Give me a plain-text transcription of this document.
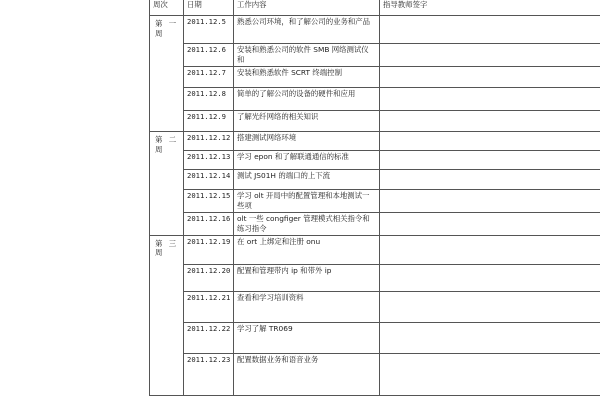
周次	日期	工作内容	指导教师签字
第 一 周	2011.12.5	熟悉公司环境，和了解公司的业务和产品	
	2011.12.6	安装和熟悉公司的软件 SMB 网络测试仪和	
	2011.12.7	安装和熟悉软件 SCRT 终端控制	
	2011.12.8	简单的了解公司的设备的硬件和应用	
	2011.12.9	了解光纤网络的相关知识	
第 二 周	2011.12.12	搭建测试网络环境	
	2011.12.13	学习 epon 和了解联通通信的标准	
	2011.12.14	测试 JS01H 的端口的上下流	
	2011.12.15	学习 olt 开局中的配置管理和本地测试一些项	
	2011.12.16	olt 一些 congfiger 管理模式相关指令和练习指令	
第 三 周	2011.12.19	在 ort 上绑定和注册 onu	
	2011.12.20	配置和管理带内 ip 和带外 ip	
	2011.12.21	查看和学习培训资料	
	2011.12.22	学习了解 TR069	
	2011.12.23	配置数据业务和语音业务	
